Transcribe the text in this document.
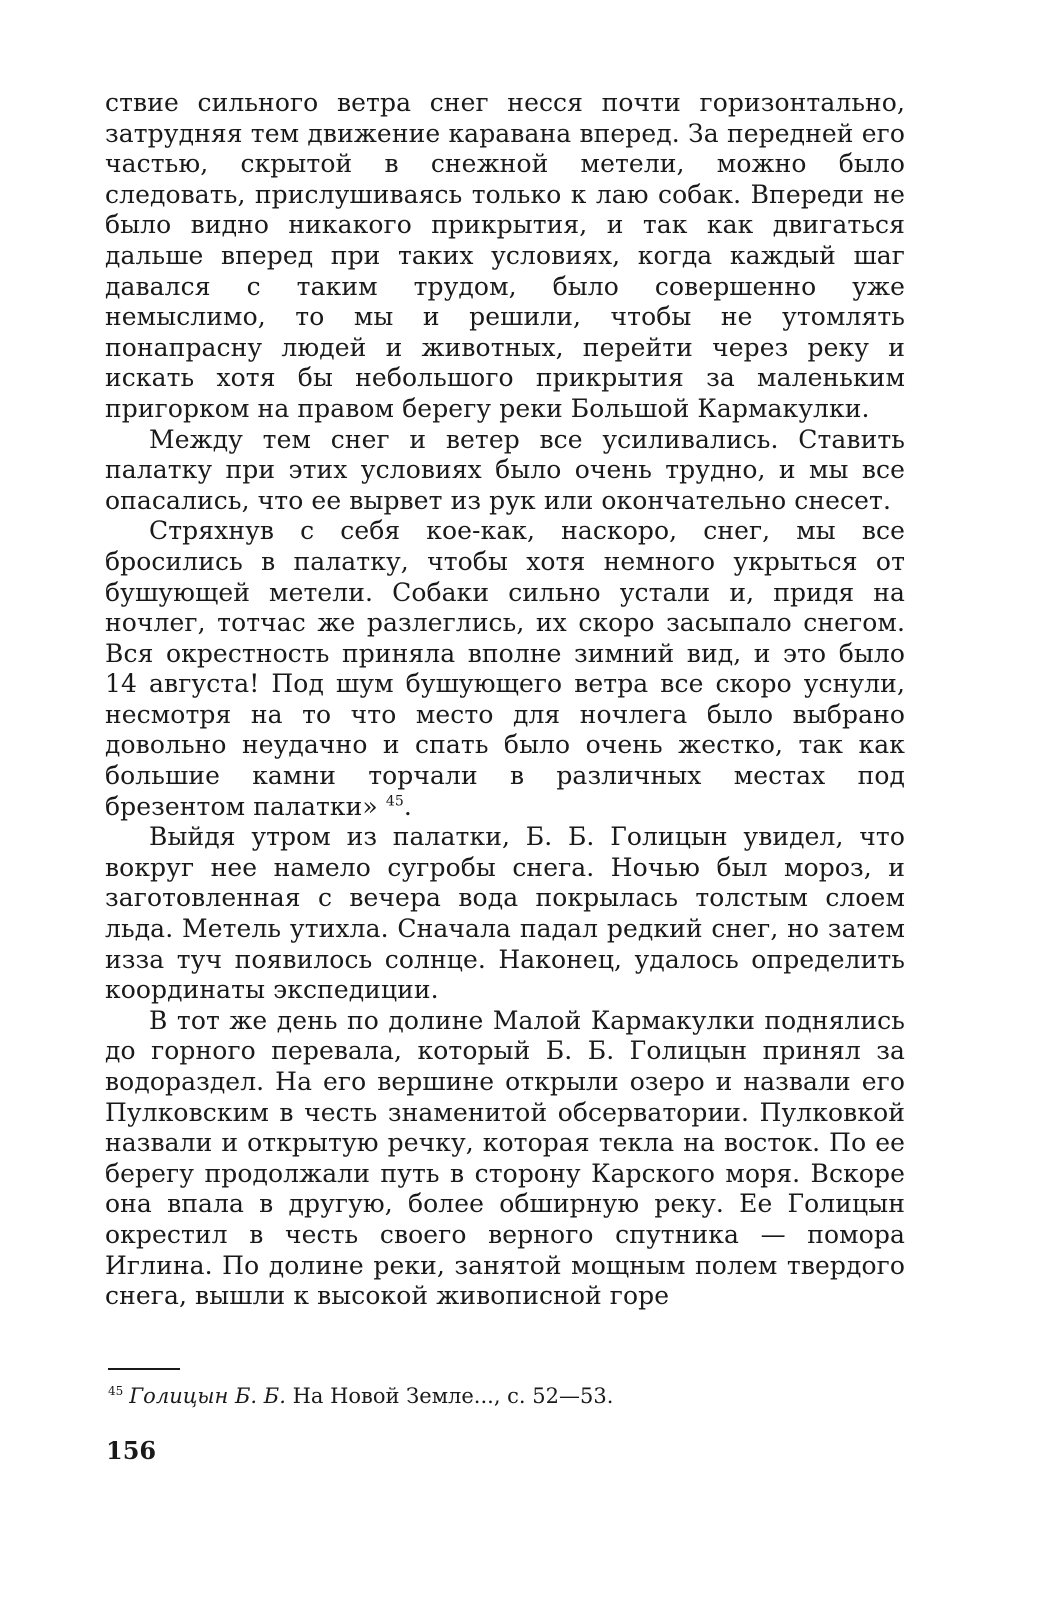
ствие сильного ветра снег несся почти горизонтально, затрудняя тем движение каравана вперед. За передней его частью, скрытой в снежной метели, можно было следовать, прислушиваясь только к лаю собак. Впереди не было видно никакого прикрытия, и так как двигаться дальше вперед при таких условиях, когда каждый шаг давался с таким трудом, было совершенно уже немыслимо, то мы и решили, чтобы не утомлять понапрасну людей и животных, перейти через реку и искать хотя бы небольшого прикрытия за маленьким пригорком на правом берегу реки Большой Кармакулки.

Между тем снег и ветер все усиливались. Ставить палатку при этих условиях было очень трудно, и мы все опасались, что ее вырвет из рук или окончательно снесет.

Стряхнув с себя кое-как, наскоро, снег, мы все бросились в палатку, чтобы хотя немного укрыться от бушующей метели. Собаки сильно устали и, придя на ночлег, тотчас же разлеглись, их скоро засыпало снегом. Вся окрестность приняла вполне зимний вид, и это было 14 августа! Под шум бушующего ветра все скоро уснули, несмотря на то что место для ночлега было выбрано довольно неудачно и спать было очень жестко, так как большие камни торчали в различных местах под брезентом палатки» $^{45}$.

Выйдя утром из палатки, Б. Б. Голицын увидел, что вокруг нее намело сугробы снега. Ночью был мороз, и заготовленная с вечера вода покрылась толстым слоем льда. Метель утихла. Сначала падал редкий снег, но затем изза туч появилось солнце. Наконец, удалось определить координаты экспедиции.

В тот же день по долине Малой Кармакулки поднялись до горного перевала, который Б. Б. Голицын принял за водораздел. На его вершине открыли озеро и назвали его Пулковским в честь знаменитой обсерватории. Пулковкой назвали и открытую речку, которая текла на восток. По ее берегу продолжали путь в сторону Карского моря. Вскоре она впала в другую, более обширную реку. Ее Голицын окрестил в честь своего верного спутника — помора Иглина. По долине реки, занятой мощным полем твердого снега, вышли к высокой живописной горе

$^{45}$ Голицын Б. Б. На Новой Земле..., с. 52—53.
156
